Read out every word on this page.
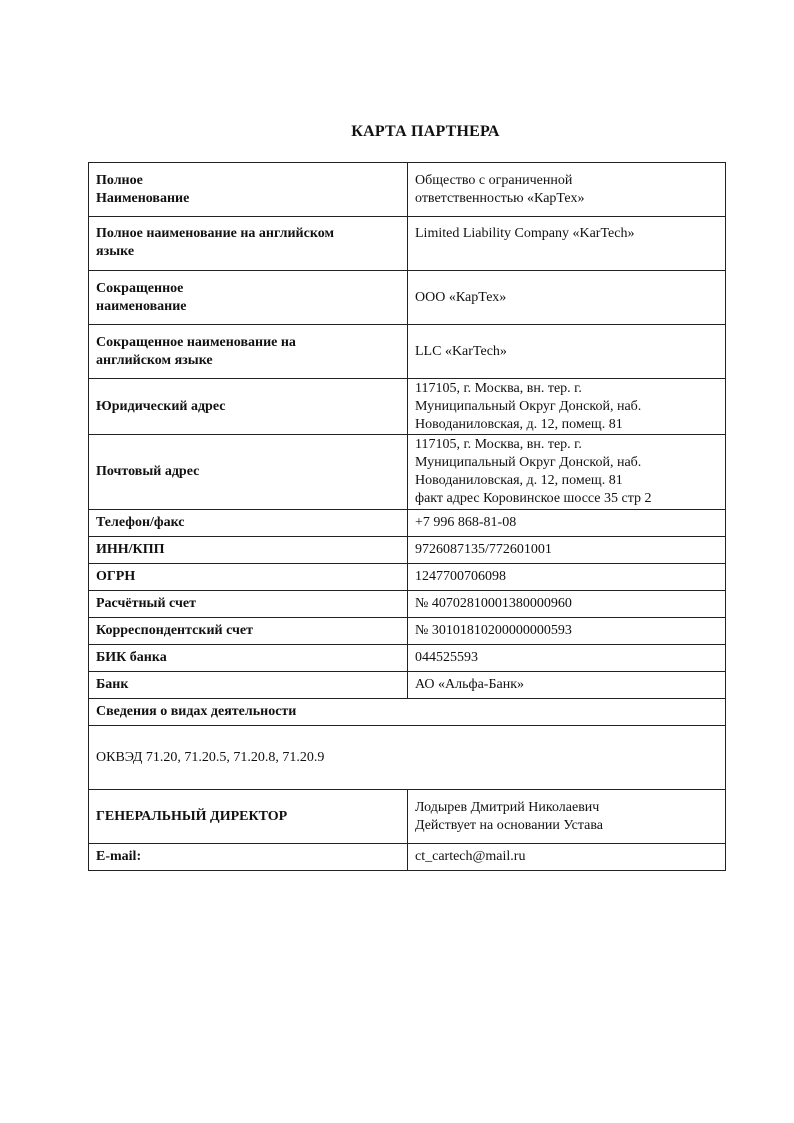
КАРТА ПАРТНЕРА
Полное
Наименование	Общество с ограниченной
ответственностью «КарТех»

Полное наименование на английском
языке	Limited Liability Company «KarTech»

Сокращенное
наименование	ООО «КарТех»

Сокращенное наименование на
английском языке	LLC «KarTech»

Юридический адрес	117105, г. Москва, вн. тер. г.
Муниципальный Округ Донской, наб.
Новоданиловская, д. 12, помещ. 81

Почтовый адрес	117105, г. Москва, вн. тер. г.
Муниципальный Округ Донской, наб.
Новоданиловская, д. 12, помещ. 81
факт адрес Коровинское шоссе 35 стр 2

Телефон/факс	+7 996 868-81-08
ИНН/КПП	9726087135/772601001
ОГРН	1247700706098
Расчётный счет	№ 40702810001380000960
Корреспондентский счет	№ 30101810200000000593
БИК банка	044525593
Банк	АО «Альфа-Банк»
Сведения о видах деятельности	
ОКВЭД 71.20, 71.20.5, 71.20.8, 71.20.9	
ГЕНЕРАЛЬНЫЙ ДИРЕКТОР	Лодырев Дмитрий Николаевич
Действует на основании Устава

E-mail:	ct_cartech@mail.ru
